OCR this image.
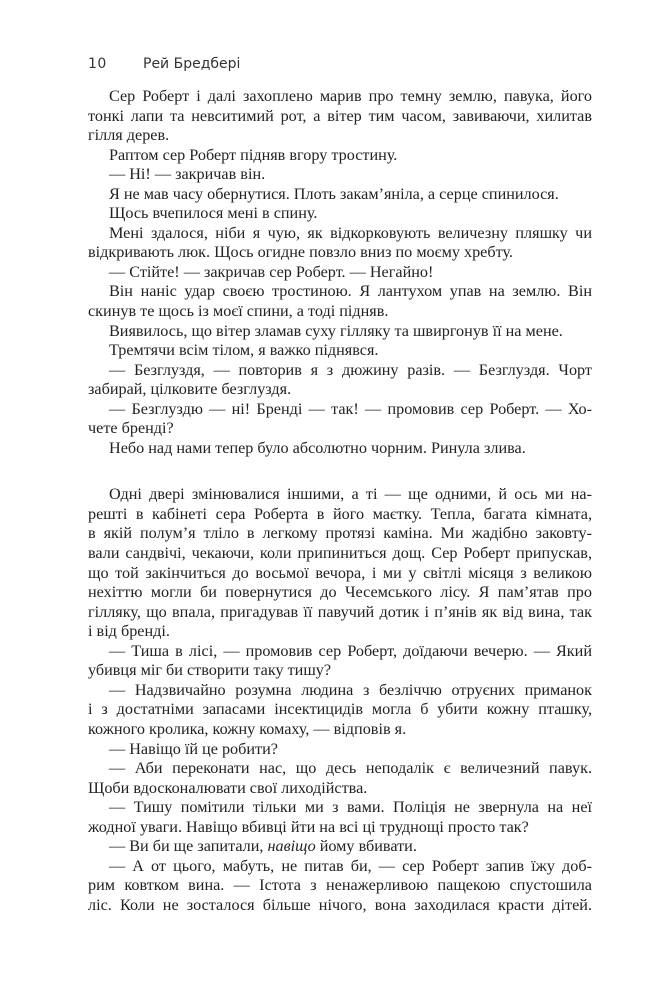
10	Рей Бредбері
Сер Роберт і далі захоплено марив про темну землю, павука, його
тонкі лапи та невситимий рот, а вітер тим часом, завиваючи, хилитав
гілля дерев.
Раптом сер Роберт підняв вгору тростину.
— Ні! — закричав він.
Я не мав часу обернутися. Плоть закам’яніла, а серце спинилося.
Щось вчепилося мені в спину.
Мені здалося, ніби я чую, як відкорковують величезну пляшку чи
відкривають люк. Щось огидне повзло вниз по моєму хребту.
— Стійте! — закричав сер Роберт. — Негайно!
Він наніс удар своєю тростиною. Я лантухом упав на землю. Він
скинув те щось із моєї спини, а тоді підняв.
Виявилось, що вітер зламав суху гілляку та швиргонув її на мене.
Тремтячи всім тілом, я важко піднявся.
— Безглуздя, — повторив я з дюжину разів. — Безглуздя. Чорт
забирай, цілковите безглуздя.
— Безглуздю — ні! Бренді — так! — промовив сер Роберт. — Хо-
чете бренді?
Небо над нами тепер було абсолютно чорним. Ринула злива.
Одні двері змінювалися іншими, а ті — ще одними, й ось ми на-
решті в кабінеті сера Роберта в його маєтку. Тепла, багата кімната,
в якій полум’я тліло в легкому протязі каміна. Ми жадібно заковту-
вали сандвічі, чекаючи, коли припиниться дощ. Сер Роберт припускав,
що той закінчиться до восьмої вечора, і ми у світлі місяця з великою
нехіттю могли би повернутися до Чесемського лісу. Я пам’ятав про
гілляку, що впала, пригадував її павучий дотик і п’янів як від вина, так
і від бренді.
— Тиша в лісі, — промовив сер Роберт, доїдаючи вечерю. — Який
убивця міг би створити таку тишу?
— Надзвичайно розумна людина з безліччю отруєних приманок
і з достатніми запасами інсектицидів могла б убити кожну пташку,
кожного кролика, кожну комаху, — відповів я.
— Навіщо їй це робити?
— Аби переконати нас, що десь неподалік є величезний павук.
Щоби вдосконалювати свої лиходійства.
— Тишу помітили тільки ми з вами. Поліція не звернула на неї
жодної уваги. Навіщо вбивці йти на всі ці труднощі просто так?
— Ви би ще запитали, навіщо йому вбивати.
— А от цього, мабуть, не питав би, — сер Роберт запив їжу доб-
рим ковтком вина. — Істота з ненажерливою пащекою спустошила
ліс. Коли не зосталося більше нічого, вона заходилася красти дітей.
